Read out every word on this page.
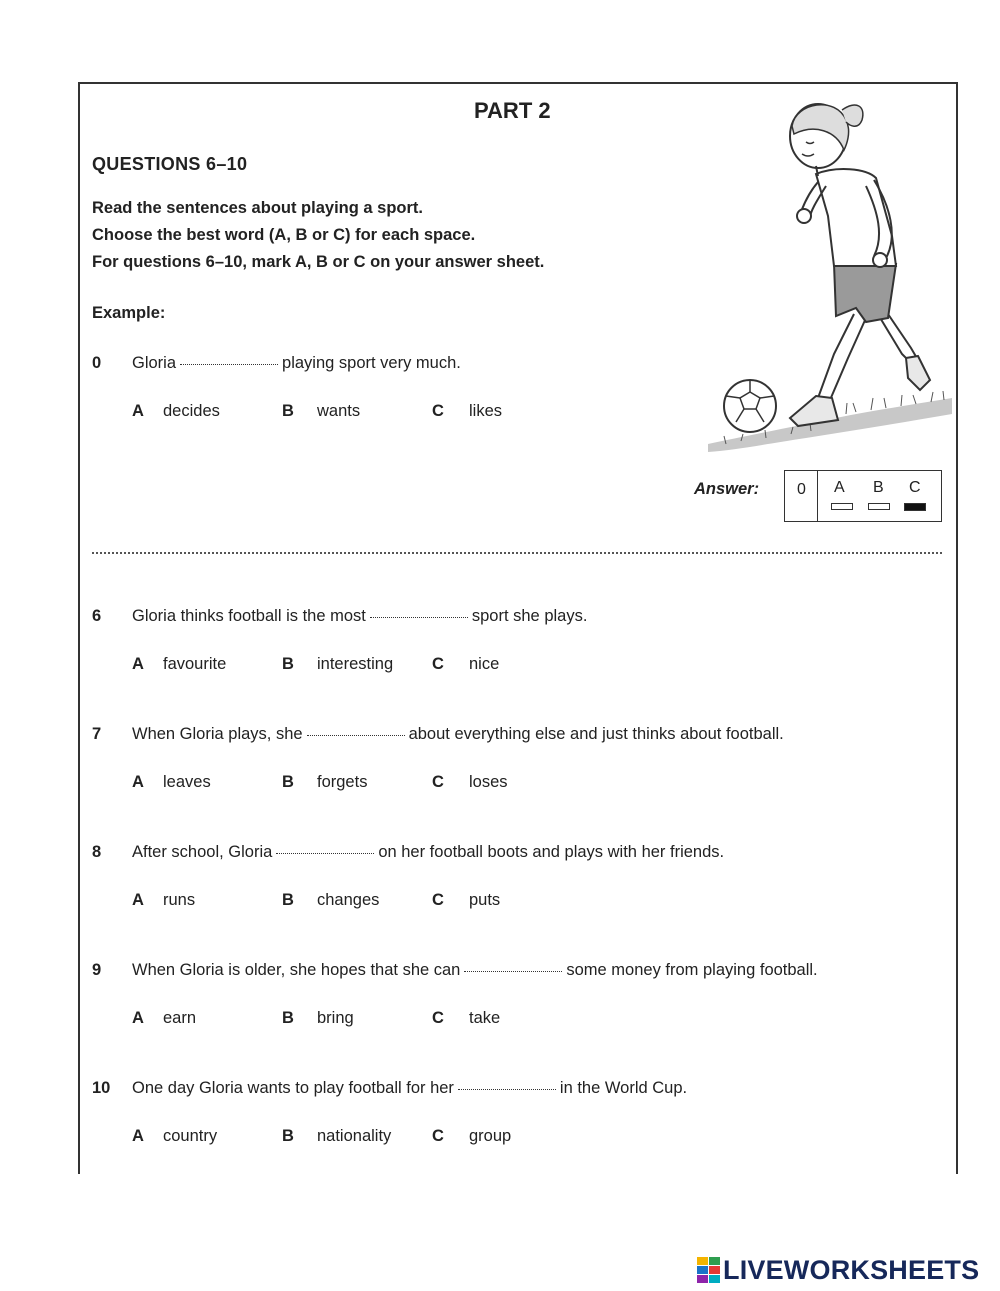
PART 2
QUESTIONS 6–10
Read the sentences about playing a sport.
Choose the best word (A, B or C) for each space.
For questions 6–10, mark A, B or C on your answer sheet.
Example:
0 Gloria	playing sport very much.
A decides	B wants	C likes
Answer: 0 A B C
6 Gloria thinks football is the most	sport she plays.
A favourite	B interesting C nice
7 When Gloria plays, she	about everything else and just thinks about football.
A leaves	B forgets	C loses
8 After school, Gloria	on her football boots and plays with her friends.
A runs	B changes	C puts
9 When Gloria is older, she hopes that she can	some money from playing football.
A earn	B bring	C take
10 One day Gloria wants to play football for her	in the World Cup.
A country	B nationality C group
LIVEWORKSHEETS
